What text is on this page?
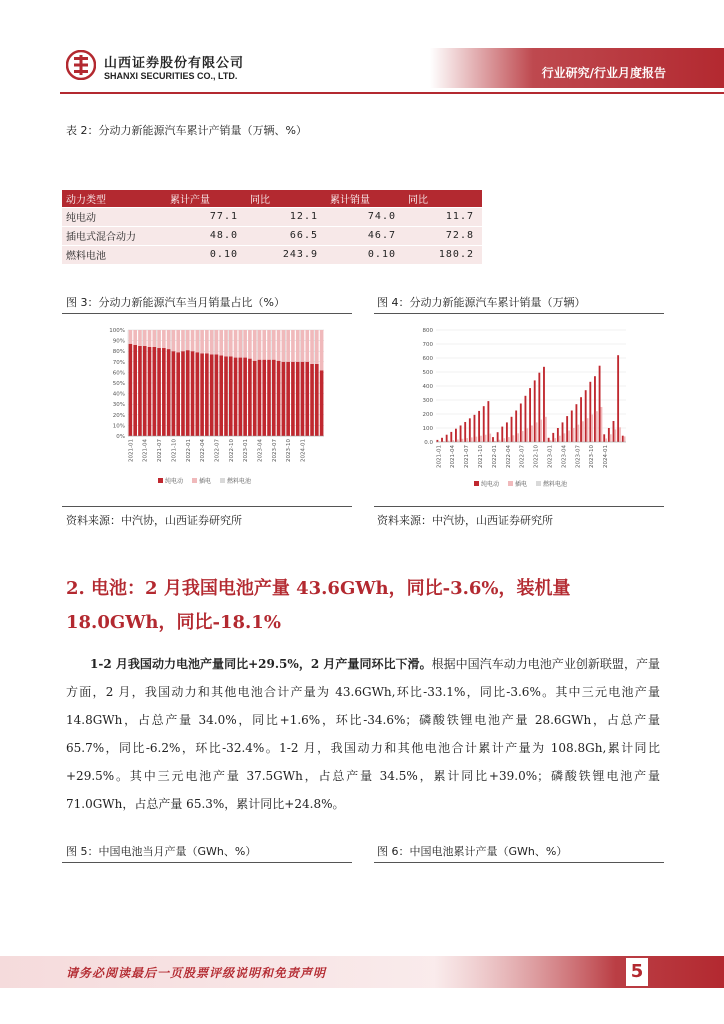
山西证券股份有限公司
SHANXI SECURITIES CO., LTD.	行业研究/行业月度报告
表 2：分动力新能源汽车累计产销量（万辆、%）
动力类型	累计产量	同比	累计销量	同比
纯电动	77.1	12.1	74.0	11.7
插电式混合动力	48.0	66.5	46.7	72.8
燃料电池	0.10	243.9	0.10	180.2
图 3：分动力新能源汽车当月销量占比（%）	图 4：分动力新能源汽车累计销量（万辆）
100%
90%
80%
70%
60%
50%
40%
30%
20%
10%
0%
2021-01 2021-04 2021-07 2021-10 2022-01 2022-04 2022-07 2022-10 2023-01 2023-04 2023-07 2023-10 2024-01
纯电动	插电	燃料电池
800
700
600
500
400
300
200
100
0.0
2021-01 2021-04 2021-07 2021-10 2022-01 2022-04 2022-07 2022-10 2023-01 2023-04 2023-07 2023-10 2024-01
纯电动	插电	燃料电池
资料来源：中汽协，山西证券研究所	资料来源：中汽协，山西证券研究所
2. 电池：2 月我国电池产量 43.6GWh，同比-3.6%，装机量 18.0GWh，同比-18.1%
1-2 月我国动力电池产量同比+29.5%，2 月产量同环比下滑。根据中国汽车动力电池产业创新联盟，产量方面，2 月，我国动力和其他电池合计产量为 43.6GWh,环比-33.1%，同比-3.6%。其中三元电池产量 14.8GWh，占总产量 34.0%，同比+1.6%，环比-34.6%；磷酸铁锂电池产量 28.6GWh，占总产量 65.7%，同比-6.2%，环比-32.4%。1-2 月，我国动力和其他电池合计累计产量为 108.8Gh,累计同比+29.5%。其中三元电池产量 37.5GWh，占总产量 34.5%，累计同比+39.0%；磷酸铁锂电池产量 71.0GWh，占总产量 65.3%，累计同比+24.8%。
图 5：中国电池当月产量（GWh、%）	图 6：中国电池累计产量（GWh、%）
请务必阅读最后一页股票评级说明和免责声明	5
